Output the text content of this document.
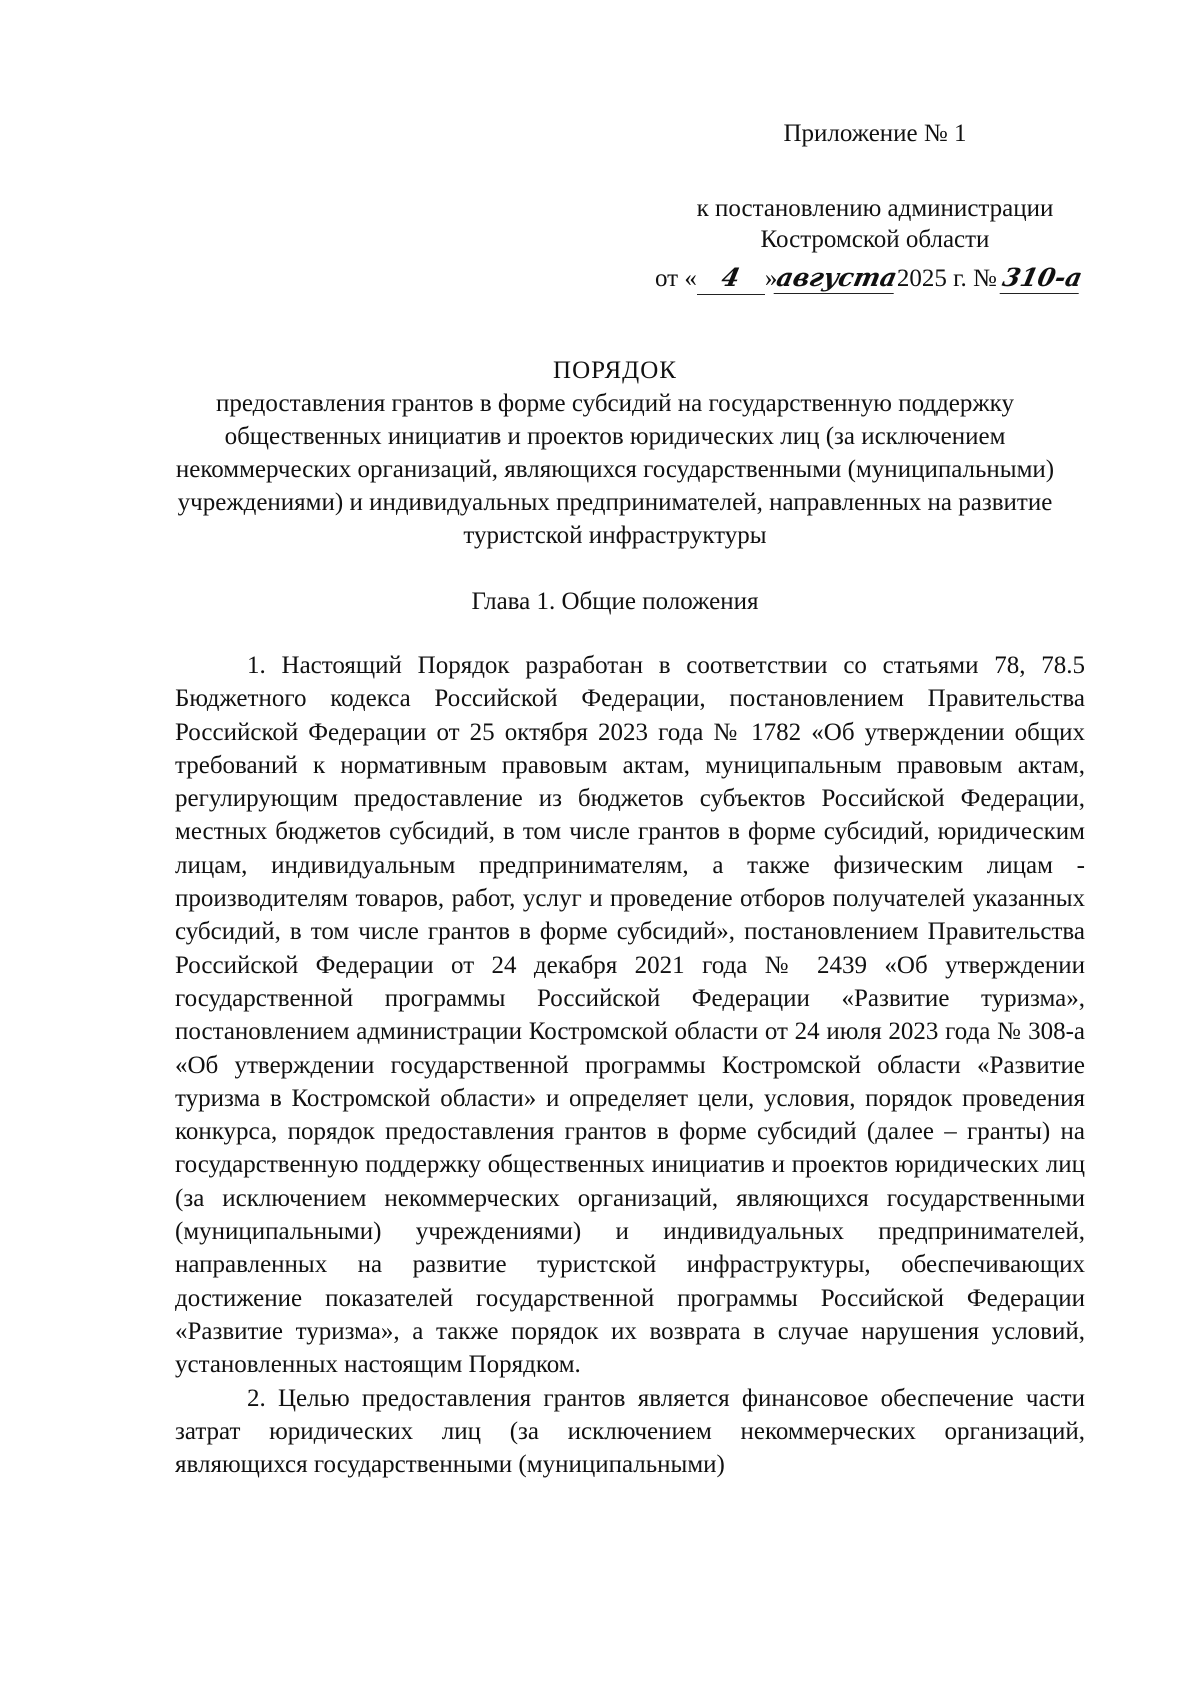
Приложение № 1
к постановлению администрации
Костромской области
от « 4 »августа2025 г. № 310-а
ПОРЯДОК
предоставления грантов в форме субсидий на государственную поддержку общественных инициатив и проектов юридических лиц (за исключением некоммерческих организаций, являющихся государственными (муниципальными) учреждениями) и индивидуальных предпринимателей, направленных на развитие туристской инфраструктуры
Глава 1. Общие положения

1. Настоящий Порядок разработан в соответствии со статьями 78, 78.5 Бюджетного кодекса Российской Федерации, постановлением Правительства Российской Федерации от 25 октября 2023 года № 1782 «Об утверждении общих требований к нормативным правовым актам, муниципальным правовым актам, регулирующим предоставление из бюджетов субъектов Российской Федерации, местных бюджетов субсидий, в том числе грантов в форме субсидий, юридическим лицам, индивидуальным предпринимателям, а также физическим лицам - производителям товаров, работ, услуг и проведение отборов получателей указанных субсидий, в том числе грантов в форме субсидий», постановлением Правительства Российской Федерации от 24 декабря 2021 года № 2439 «Об утверждении государственной программы Российской Федерации «Развитие туризма», постановлением администрации Костромской области от 24 июля 2023 года № 308-а «Об утверждении государственной программы Костромской области «Развитие туризма в Костромской области» и определяет цели, условия, порядок проведения конкурса, порядок предоставления грантов в форме субсидий (далее – гранты) на государственную поддержку общественных инициатив и проектов юридических лиц (за исключением некоммерческих организаций, являющихся государственными (муниципальными) учреждениями) и индивидуальных предпринимателей, направленных на развитие туристской инфраструктуры, обеспечивающих достижение показателей государственной программы Российской Федерации «Развитие туризма», а также порядок их возврата в случае нарушения условий, установленных настоящим Порядком.

2. Целью предоставления грантов является финансовое обеспечение части затрат юридических лиц (за исключением некоммерческих организаций, являющихся государственными (муниципальными)
